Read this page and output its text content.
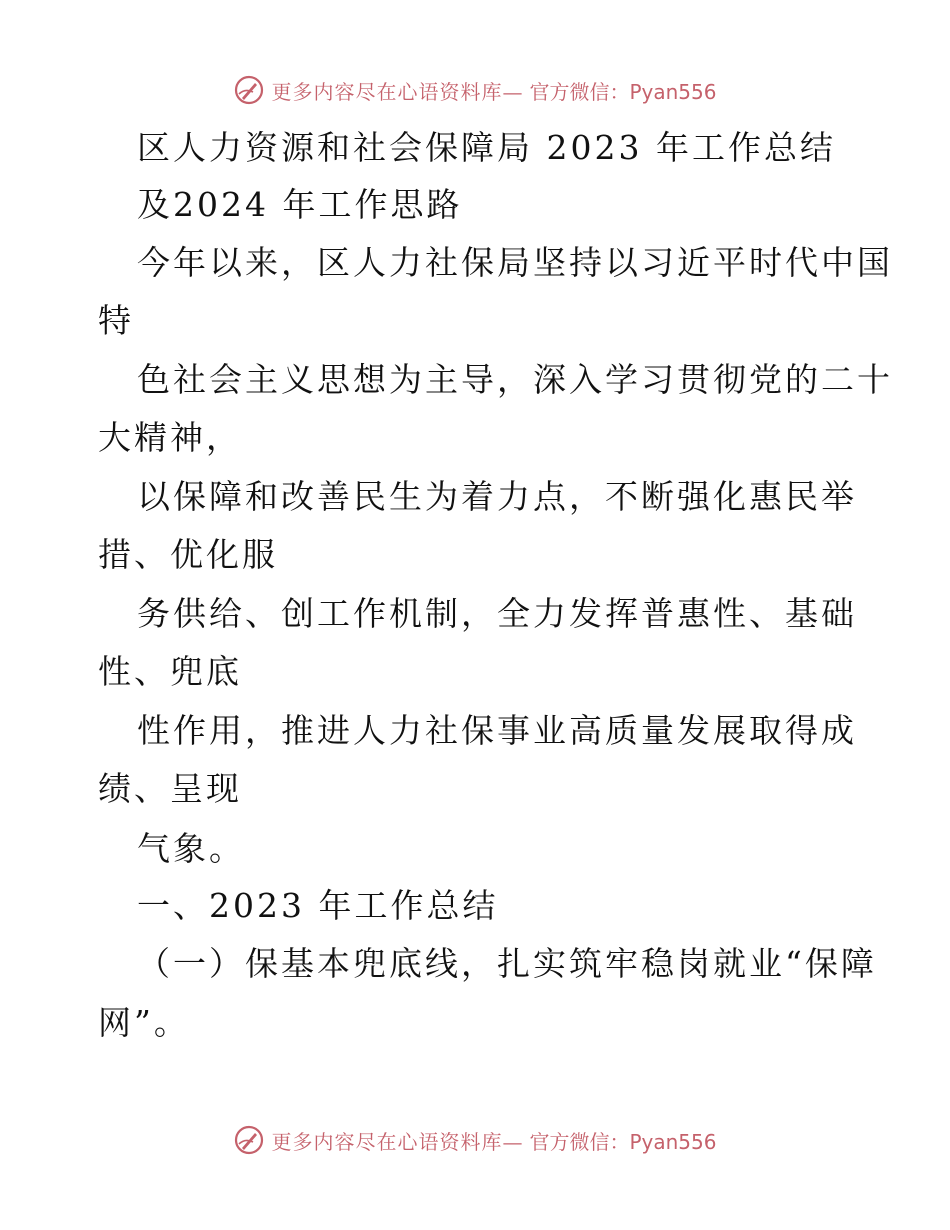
更多内容尽在心语资料库— 官方微信：Pyan556
区人力资源和社会保障局 2023 年工作总结
及2024 年工作思路
今年以来，区人力社保局坚持以习近平时代中国
特
色社会主义思想为主导，深入学习贯彻党的二十
大精神，
以保障和改善民生为着力点，不断强化惠民举
措、优化服
务供给、创工作机制，全力发挥普惠性、基础
性、兜底
性作用，推进人力社保事业高质量发展取得成
绩、呈现
气象。
一、2023 年工作总结
（一）保基本兜底线，扎实筑牢稳岗就业“保障
网”。
更多内容尽在心语资料库— 官方微信：Pyan556
